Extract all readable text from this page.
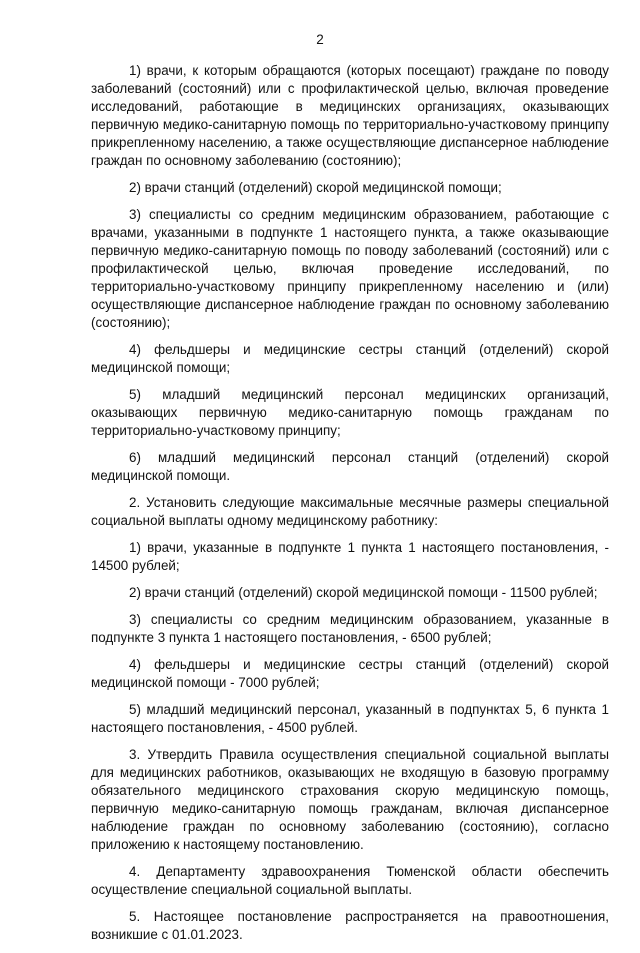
2

1) врачи, к которым обращаются (которых посещают) граждане по поводу заболеваний (состояний) или с профилактической целью, включая проведение исследований, работающие в медицинских организациях, оказывающих первичную медико-санитарную помощь по территориально-участковому принципу прикрепленному населению, а также осуществляющие диспансерное наблюдение граждан по основному заболеванию (состоянию);

2) врачи станций (отделений) скорой медицинской помощи;

3) специалисты со средним медицинским образованием, работающие с врачами, указанными в подпункте 1 настоящего пункта, а также оказывающие первичную медико-санитарную помощь по поводу заболеваний (состояний) или с профилактической целью, включая проведение исследований, по территориально-участковому принципу прикрепленному населению и (или) осуществляющие диспансерное наблюдение граждан по основному заболеванию (состоянию);

4) фельдшеры и медицинские сестры станций (отделений) скорой медицинской помощи;

5) младший медицинский персонал медицинских организаций, оказывающих первичную медико-санитарную помощь гражданам по территориально-участковому принципу;

6) младший медицинский персонал станций (отделений) скорой медицинской помощи.

2. Установить следующие максимальные месячные размеры специальной социальной выплаты одному медицинскому работнику:

1) врачи, указанные в подпункте 1 пункта 1 настоящего постановления, - 14500 рублей;

2) врачи станций (отделений) скорой медицинской помощи - 11500 рублей;

3) специалисты со средним медицинским образованием, указанные в подпункте 3 пункта 1 настоящего постановления, - 6500 рублей;

4) фельдшеры и медицинские сестры станций (отделений) скорой медицинской помощи - 7000 рублей;

5) младший медицинский персонал, указанный в подпунктах 5, 6 пункта 1 настоящего постановления, - 4500 рублей.

3. Утвердить Правила осуществления специальной социальной выплаты для медицинских работников, оказывающих не входящую в базовую программу обязательного медицинского страхования скорую медицинскую помощь, первичную медико-санитарную помощь гражданам, включая диспансерное наблюдение граждан по основному заболеванию (состоянию), согласно приложению к настоящему постановлению.

4. Департаменту здравоохранения Тюменской области обеспечить осуществление специальной социальной выплаты.

5. Настоящее постановление распространяется на правоотношения, возникшие с 01.01.2023.
